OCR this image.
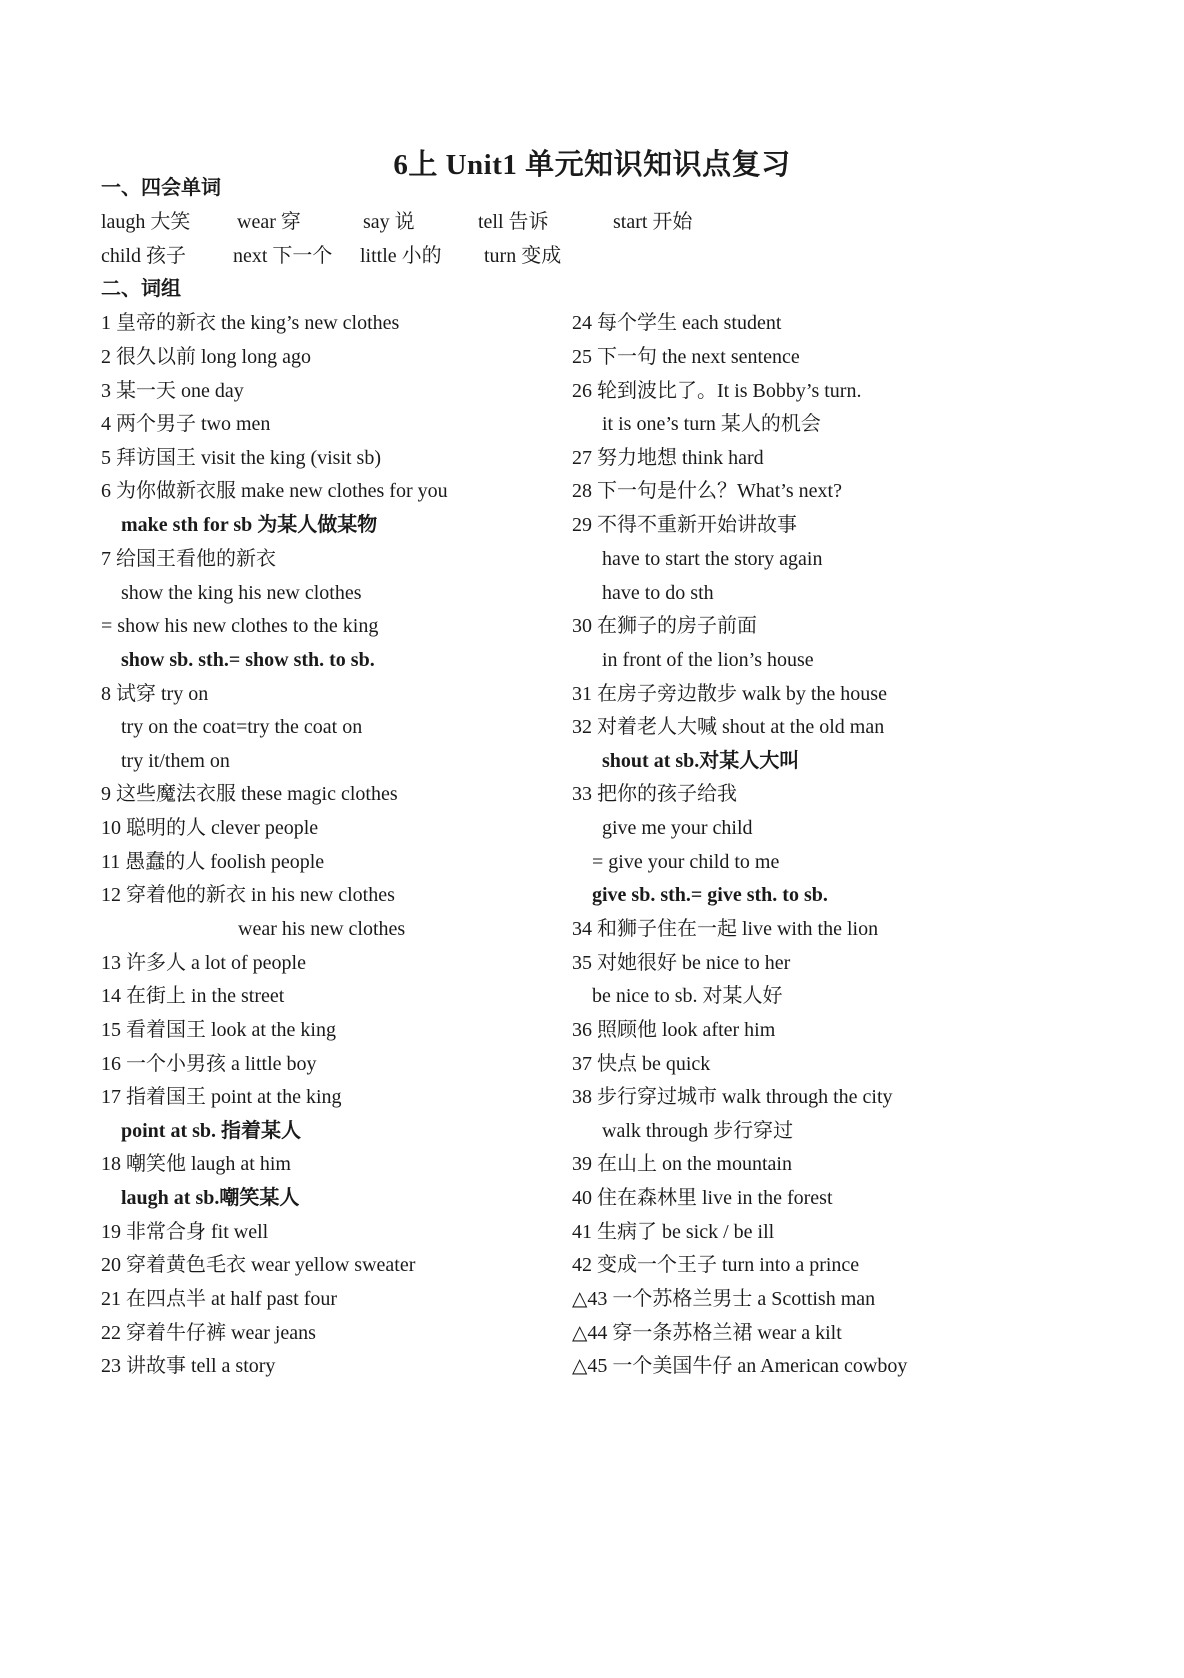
6上 Unit1 单元知识知识点复习
一、四会单词
laugh 大笑 wear 穿	say 说	tell 告诉	start 开始
child 孩子 next 下一个 little 小的 turn 变成
二、词组
1 皇帝的新衣 the king’s new clothes
2 很久以前 long long ago
3 某一天 one day
4 两个男子 two men
5 拜访国王 visit the king (visit sb)
6 为你做新衣服 make new clothes for you
make sth for sb 为某人做某物
7 给国王看他的新衣
show the king his new clothes
= show his new clothes to the king
show sb. sth.= show sth. to sb.
8 试穿 try on
try on the coat=try the coat on
try it/them on
9 这些魔法衣服 these magic clothes
10 聪明的人 clever people
11 愚蠢的人 foolish people
12 穿着他的新衣 in his new clothes
wear his new clothes
13 许多人 a lot of people
14 在街上 in the street
15 看着国王 look at the king
16 一个小男孩 a little boy
17 指着国王 point at the king
point at sb. 指着某人
18 嘲笑他 laugh at him
laugh at sb.嘲笑某人
19 非常合身 fit well
20 穿着黄色毛衣 wear yellow sweater
21 在四点半 at half past four
22 穿着牛仔裤 wear jeans
23 讲故事 tell a story
24 每个学生 each student
25 下一句 the next sentence
26 轮到波比了。It is Bobby’s turn.
it is one’s turn 某人的机会
27 努力地想 think hard
28 下一句是什么？What’s next?
29 不得不重新开始讲故事
have to start the story again
have to do sth
30 在狮子的房子前面
in front of the lion’s house
31 在房子旁边散步 walk by the house
32 对着老人大喊 shout at the old man
shout at sb.对某人大叫
33 把你的孩子给我
give me your child
= give your child to me
give sb. sth.= give sth. to sb.
34 和狮子住在一起 live with the lion
35 对她很好 be nice to her
be nice to sb. 对某人好
36 照顾他 look after him
37 快点 be quick
38 步行穿过城市 walk through the city
walk through 步行穿过
39 在山上 on the mountain
40 住在森林里 live in the forest
41 生病了 be sick / be ill
42 变成一个王子 turn into a prince
△43 一个苏格兰男士 a Scottish man
△44 穿一条苏格兰裙 wear a kilt
△45 一个美国牛仔 an American cowboy
